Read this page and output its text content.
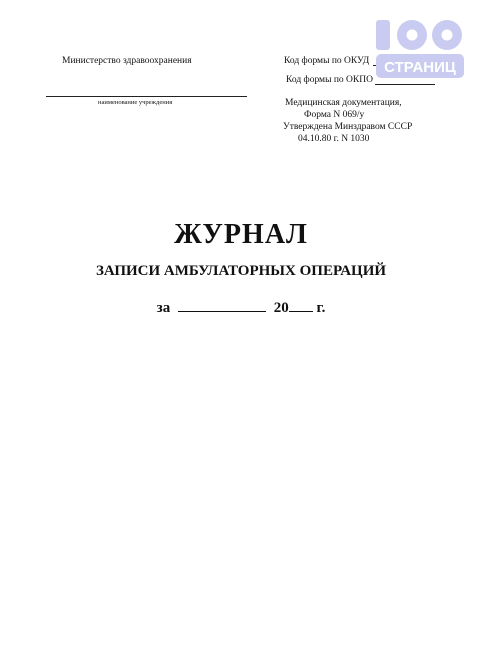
Министерство здравоохранения
наименование учреждения
Код формы по ОКУД
Код формы по ОКПО
Медицинская документация,
Форма N 069/у
Утверждена Минздравом СССР
04.10.80 г. N 1030
СТРАНИЦ
ЖУРНАЛ
ЗАПИСИ АМБУЛАТОРНЫХ ОПЕРАЦИЙ
за	20 г.
